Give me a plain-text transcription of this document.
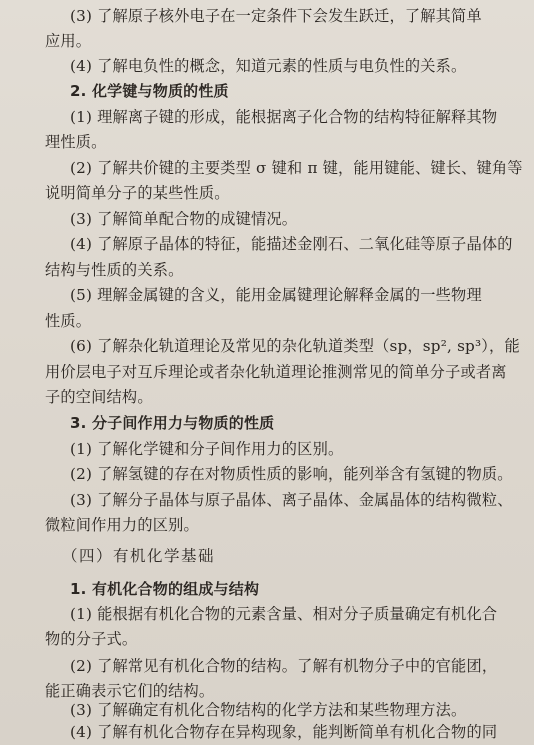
(3) 了解原子核外电子在一定条件下会发生跃迁，了解其简单
应用。
(4) 了解电负性的概念，知道元素的性质与电负性的关系。
2. 化学键与物质的性质
(1) 理解离子键的形成，能根据离子化合物的结构特征解释其物
理性质。
(2) 了解共价键的主要类型 σ 键和 π 键，能用键能、键长、键角等
说明简单分子的某些性质。
(3) 了解简单配合物的成键情况。
(4) 了解原子晶体的特征，能描述金刚石、二氧化硅等原子晶体的
结构与性质的关系。
(5) 理解金属键的含义，能用金属键理论解释金属的一些物理
性质。
(6) 了解杂化轨道理论及常见的杂化轨道类型（sp，sp², sp³），能
用价层电子对互斥理论或者杂化轨道理论推测常见的简单分子或者离
子的空间结构。
3. 分子间作用力与物质的性质
(1) 了解化学键和分子间作用力的区别。
(2) 了解氢键的存在对物质性质的影响，能列举含有氢键的物质。
(3) 了解分子晶体与原子晶体、离子晶体、金属晶体的结构微粒、
微粒间作用力的区别。
（四）有机化学基础
1. 有机化合物的组成与结构
(1) 能根据有机化合物的元素含量、相对分子质量确定有机化合
物的分子式。
(2) 了解常见有机化合物的结构。了解有机物分子中的官能团，
能正确表示它们的结构。
(3) 了解确定有机化合物结构的化学方法和某些物理方法。
(4) 了解有机化合物存在异构现象，能判断简单有机化合物的同
